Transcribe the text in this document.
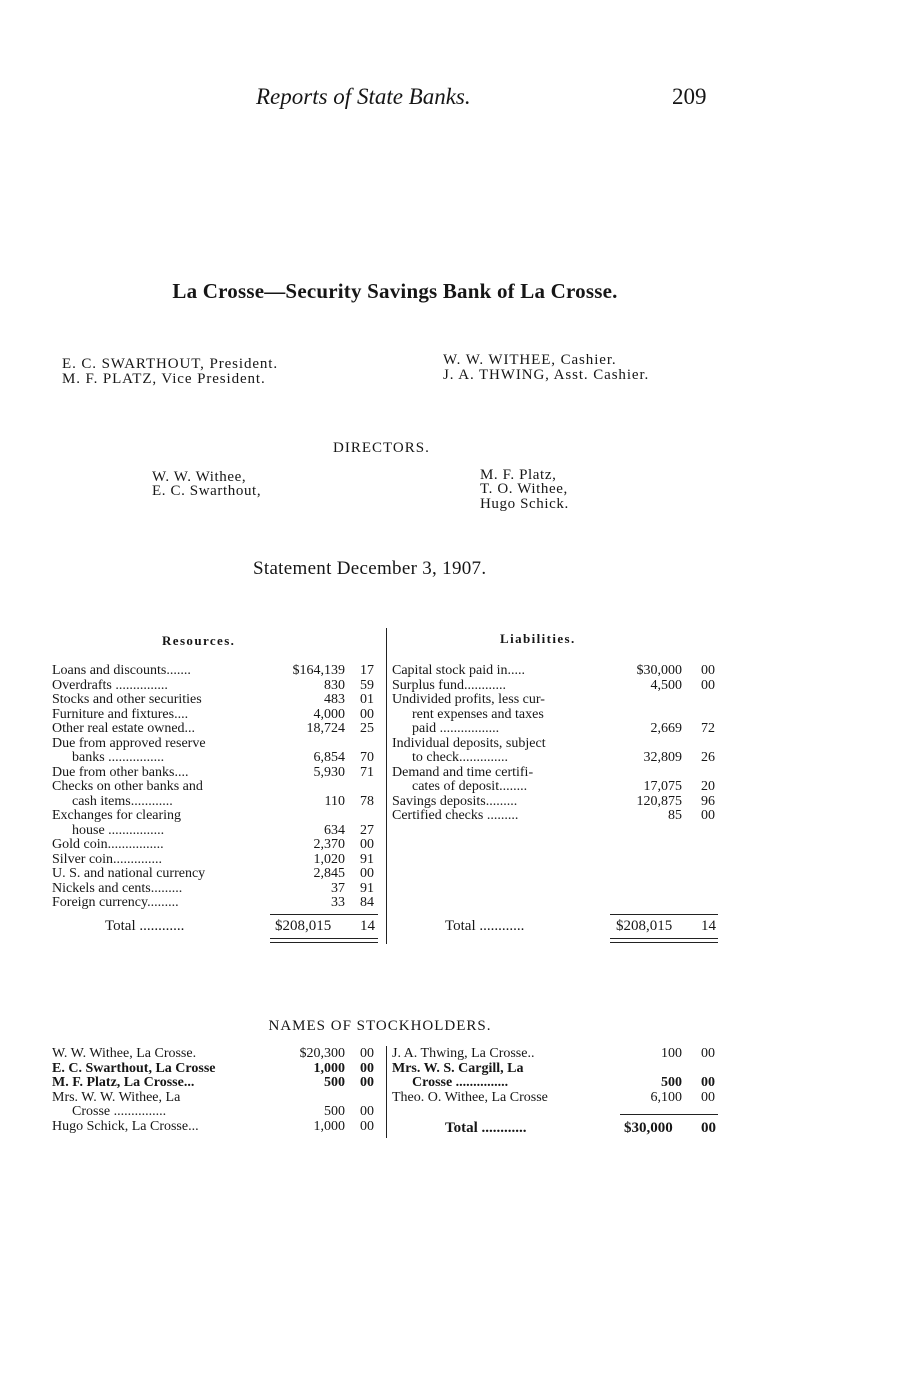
Reports of State Banks.	209
La Crosse—Security Savings Bank of La Crosse.
E. C. SWARTHOUT, President.
M. F. PLATZ, Vice President.
W. W. WITHEE, Cashier.
J. A. THWING, Asst. Cashier.
DIRECTORS.
W. W. Withee,
E. C. Swarthout,
M. F. Platz,
T. O. Withee,
Hugo Schick.
Statement December 3, 1907.
Resources.	Liabilities.
Loans and discounts.......	$164,139 17
Overdrafts ...............	830 59
Stocks and other securities	483 01
Furniture and fixtures....	4,000 00
Other real estate owned...	18,724 25
Due from approved reserve
banks ................	6,854 70
Due from other banks....	5,930 71
Checks on other banks and
cash items............	110 78
Exchanges for clearing
house ................	634 27
Gold coin................	2,370 00
Silver coin..............	1,020 91
U. S. and national currency	2,845 00
Nickels and cents.........	37 91
Foreign currency.........	33 84
Capital stock paid in.....	$30,000 00
Surplus fund............	4,500 00
Undivided profits, less cur-
rent expenses and taxes
paid .................	2,669 72
Individual deposits, subject
to check..............	32,809 26
Demand and time certifi-
cates of deposit........	17,075 20
Savings deposits.........	120,875 96
Certified checks .........	85 00
Total ............	$208,015 14	Total ............	$208,015 14
NAMES OF STOCKHOLDERS.
W. W. Withee, La Crosse.	$20,300 00
E. C. Swarthout, La Crosse	1,000 00
M. F. Platz, La Crosse...	500 00
Mrs. W. W. Withee, La
Crosse ...............	500 00
Hugo Schick, La Crosse...	1,000 00
J. A. Thwing, La Crosse..	100 00
Mrs. W. S. Cargill, La
Crosse ...............	500 00
Theo. O. Withee, La Crosse	6,100 00
Total ............	$30,000 00
